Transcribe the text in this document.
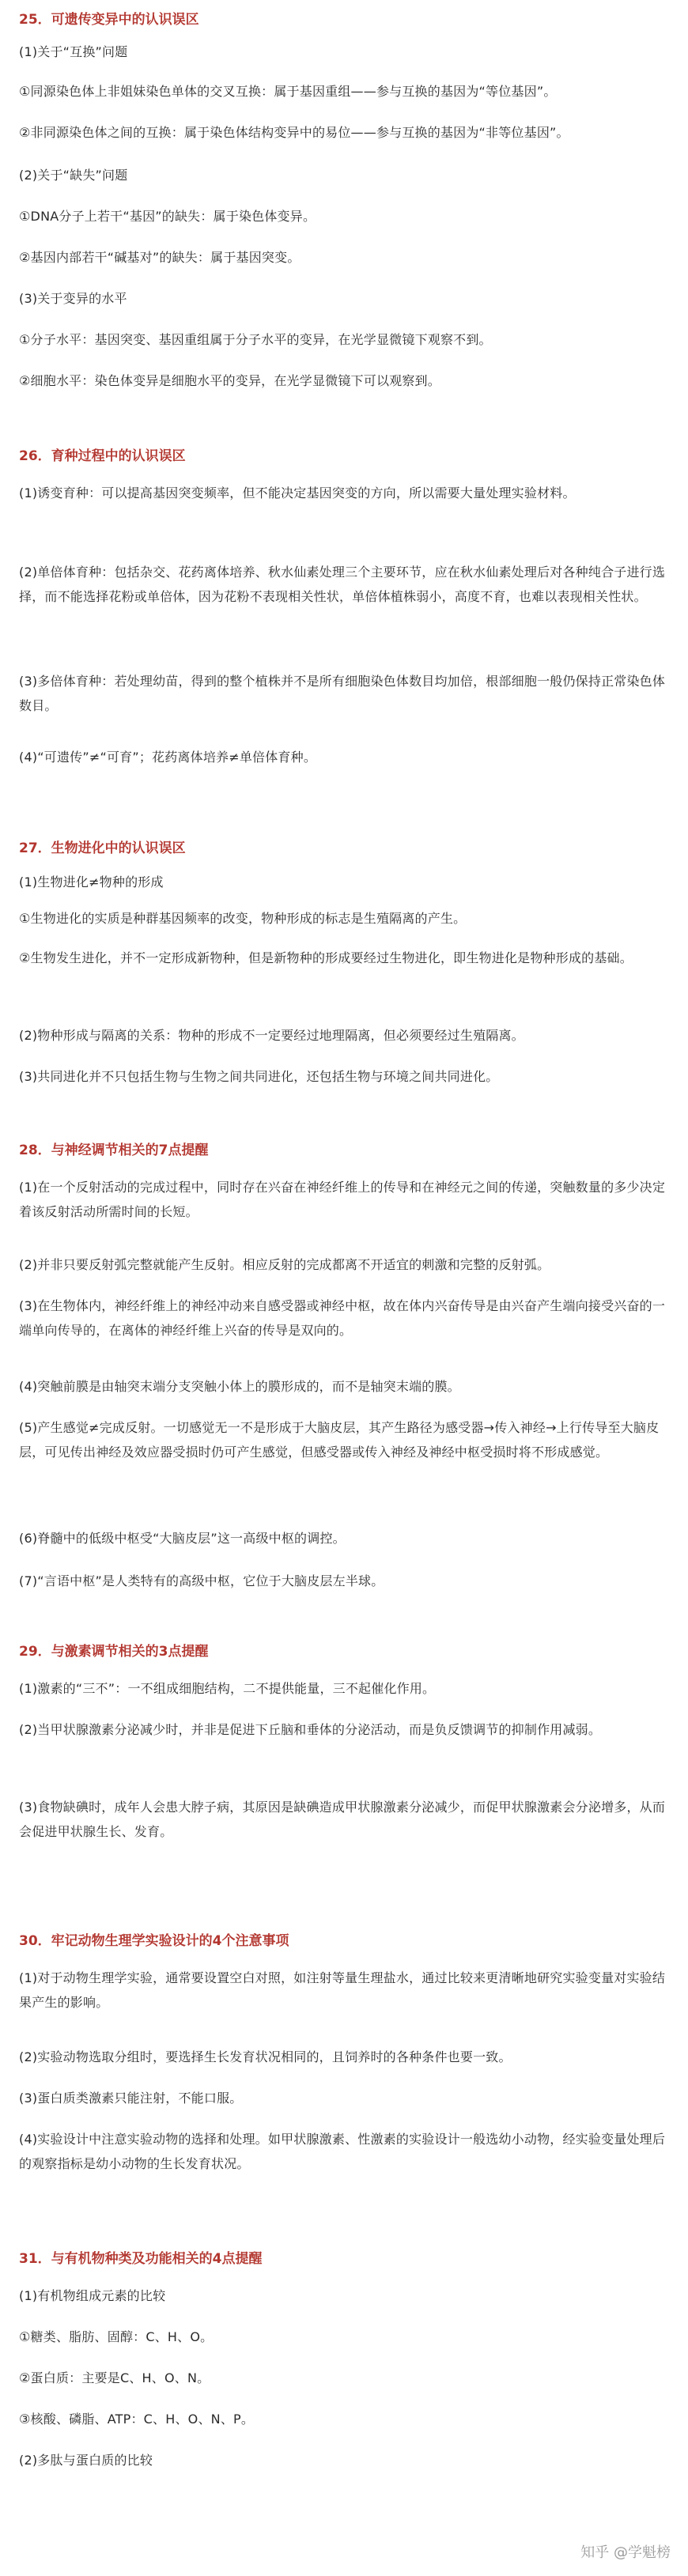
25．可遗传变异中的认识误区
(1)关于“互换”问题
①同源染色体上非姐妹染色单体的交叉互换：属于基因重组——参与互换的基因为“等位基因”。
②非同源染色体之间的互换：属于染色体结构变异中的易位——参与互换的基因为“非等位基因”。
(2)关于“缺失”问题
①DNA分子上若干“基因”的缺失：属于染色体变异。
②基因内部若干“碱基对”的缺失：属于基因突变。
(3)关于变异的水平
①分子水平：基因突变、基因重组属于分子水平的变异，在光学显微镜下观察不到。
②细胞水平：染色体变异是细胞水平的变异，在光学显微镜下可以观察到。
26．育种过程中的认识误区
(1)诱变育种：可以提高基因突变频率，但不能决定基因突变的方向，所以需要大量处理实验材料。
(2)单倍体育种：包括杂交、花药离体培养、秋水仙素处理三个主要环节，应在秋水仙素处理后对各种纯合子进行选择，而不能选择花粉或单倍体，因为花粉不表现相关性状，单倍体植株弱小，高度不育，也难以表现相关性状。
(3)多倍体育种：若处理幼苗，得到的整个植株并不是所有细胞染色体数目均加倍，根部细胞一般仍保持正常染色体数目。
(4)“可遗传”≠“可育”；花药离体培养≠单倍体育种。
27．生物进化中的认识误区
(1)生物进化≠物种的形成
①生物进化的实质是种群基因频率的改变，物种形成的标志是生殖隔离的产生。
②生物发生进化，并不一定形成新物种，但是新物种的形成要经过生物进化，即生物进化是物种形成的基础。
(2)物种形成与隔离的关系：物种的形成不一定要经过地理隔离，但必须要经过生殖隔离。
(3)共同进化并不只包括生物与生物之间共同进化，还包括生物与环境之间共同进化。
28．与神经调节相关的7点提醒
(1)在一个反射活动的完成过程中，同时存在兴奋在神经纤维上的传导和在神经元之间的传递，突触数量的多少决定着该反射活动所需时间的长短。
(2)并非只要反射弧完整就能产生反射。相应反射的完成都离不开适宜的刺激和完整的反射弧。
(3)在生物体内，神经纤维上的神经冲动来自感受器或神经中枢，故在体内兴奋传导是由兴奋产生端向接受兴奋的一端单向传导的，在离体的神经纤维上兴奋的传导是双向的。
(4)突触前膜是由轴突末端分支突触小体上的膜形成的，而不是轴突末端的膜。
(5)产生感觉≠完成反射。一切感觉无一不是形成于大脑皮层，其产生路径为感受器→传入神经→上行传导至大脑皮层，可见传出神经及效应器受损时仍可产生感觉，但感受器或传入神经及神经中枢受损时将不形成感觉。
(6)脊髓中的低级中枢受“大脑皮层”这一高级中枢的调控。
(7)“言语中枢”是人类特有的高级中枢，它位于大脑皮层左半球。
29．与激素调节相关的3点提醒
(1)激素的“三不”：一不组成细胞结构，二不提供能量，三不起催化作用。
(2)当甲状腺激素分泌减少时，并非是促进下丘脑和垂体的分泌活动，而是负反馈调节的抑制作用减弱。
(3)食物缺碘时，成年人会患大脖子病，其原因是缺碘造成甲状腺激素分泌减少，而促甲状腺激素会分泌增多，从而会促进甲状腺生长、发育。
30．牢记动物生理学实验设计的4个注意事项
(1)对于动物生理学实验，通常要设置空白对照，如注射等量生理盐水，通过比较来更清晰地研究实验变量对实验结果产生的影响。
(2)实验动物选取分组时，要选择生长发育状况相同的，且饲养时的各种条件也要一致。
(3)蛋白质类激素只能注射，不能口服。
(4)实验设计中注意实验动物的选择和处理。如甲状腺激素、性激素的实验设计一般选幼小动物，经实验变量处理后的观察指标是幼小动物的生长发育状况。
31．与有机物种类及功能相关的4点提醒
(1)有机物组成元素的比较
①糖类、脂肪、固醇：C、H、O。
②蛋白质：主要是C、H、O、N。
③核酸、磷脂、ATP：C、H、O、N、P。
(2)多肽与蛋白质的比较
知乎 @学魁榜
